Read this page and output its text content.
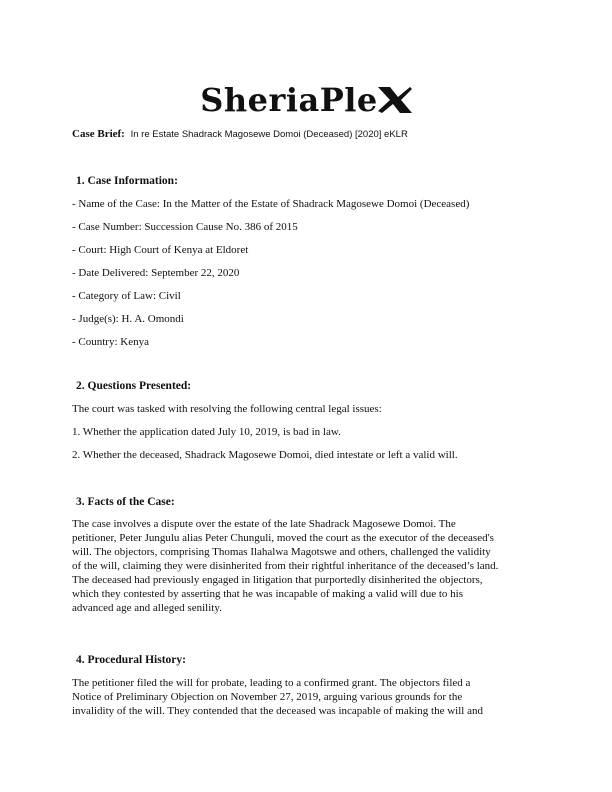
SheriaPle
Case Brief: In re Estate Shadrack Magosewe Domoi (Deceased) [2020] eKLR
1. Case Information:
- Name of the Case: In the Matter of the Estate of Shadrack Magosewe Domoi (Deceased)
- Case Number: Succession Cause No. 386 of 2015
- Court: High Court of Kenya at Eldoret
- Date Delivered: September 22, 2020
- Category of Law: Civil
- Judge(s): H. A. Omondi
- Country: Kenya
2. Questions Presented:
The court was tasked with resolving the following central legal issues:
1. Whether the application dated July 10, 2019, is bad in law.
2. Whether the deceased, Shadrack Magosewe Domoi, died intestate or left a valid will.
3. Facts of the Case:
The case involves a dispute over the estate of the late Shadrack Magosewe Domoi. The
petitioner, Peter Jungulu alias Peter Chunguli, moved the court as the executor of the deceased's
will. The objectors, comprising Thomas Ilahalwa Magotswe and others, challenged the validity
of the will, claiming they were disinherited from their rightful inheritance of the deceased’s land.
The deceased had previously engaged in litigation that purportedly disinherited the objectors,
which they contested by asserting that he was incapable of making a valid will due to his
advanced age and alleged senility.
4. Procedural History:
The petitioner filed the will for probate, leading to a confirmed grant. The objectors filed a
Notice of Preliminary Objection on November 27, 2019, arguing various grounds for the
invalidity of the will. They contended that the deceased was incapable of making the will and
